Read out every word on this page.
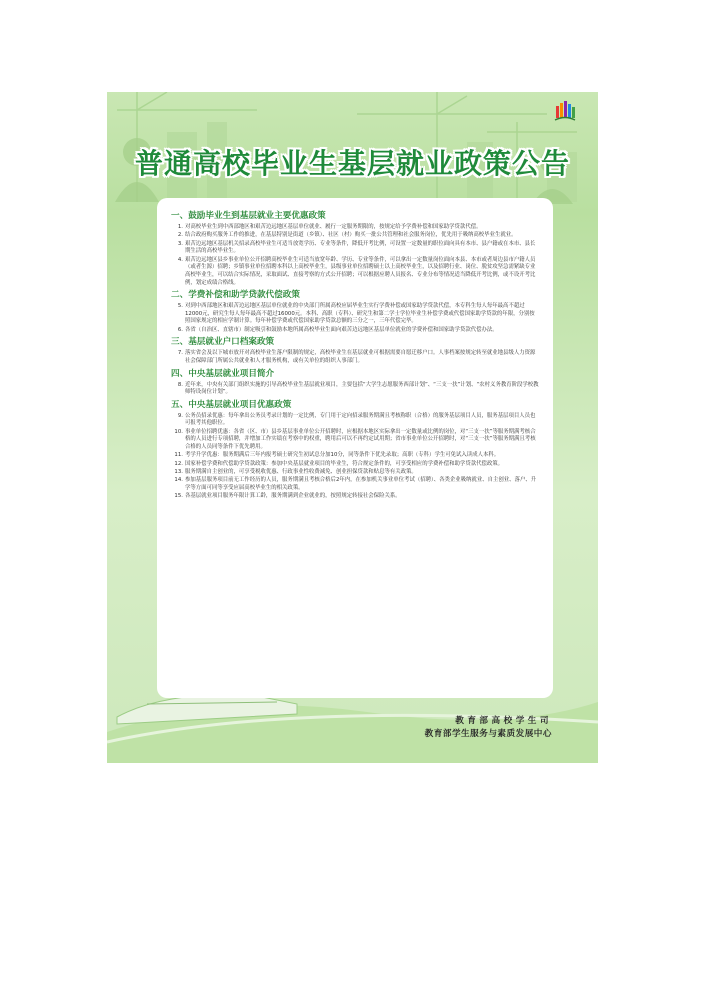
普通高校毕业生基层就业政策公告
一、鼓励毕业生到基层就业主要优惠政策
1. 对高校毕业生到中西部地区和艰苦边远地区基层单位就业、履行一定服务期限的，按规定给予学费补偿和国家助学贷款代偿。
2. 结合政府购买服务工作的推进，在基层特别是街道（乡镇）、社区（村）购买一批公共管理和社会服务岗位，优先用于吸纳高校毕业生就业。
3. 艰苦边远地区基层机关招录高校毕业生可适当放宽学历、专业等条件，降低开考比例，可设置一定数量的职位面向具有本市、县户籍或在本市、县长期生活的高校毕业生。
4. 艰苦边远地区县乡事业单位公开招聘高校毕业生可适当放宽年龄、学历、专业等条件，可以拿出一定数量岗位面向本县、本市或者周边县市户籍人员（或者生源）招聘；乡镇事业单位招聘本科以上高校毕业生，县级事业单位招聘硕士以上高校毕业生，以及招聘行业、岗位、脱贫攻坚急需紧缺专业高校毕业生，可以结合实际情况，采取面试、直接考察的方式公开招聘；可以根据应聘人员报名、专业分布等情况适当降低开考比例，或不设开考比例，划定成绩合格线。
二、学费补偿和助学贷款代偿政策
5. 对到中西部地区和艰苦边远地区基层单位就业的中央部门所属高校应届毕业生实行学费补偿或国家助学贷款代偿，本专科生每人每年最高不超过12000元，研究生每人每年最高不超过16000元。本科、高职（专科）、研究生和第二学士学位毕业生补偿学费或代偿国家助学贷款的年限，分别按照国家规定的相应学制计算。每年补偿学费或代偿国家助学贷款总额的三分之一，三年代偿完毕。
6. 各省（自治区、直辖市）制定吸引和鼓励本地所属高校毕业生面向艰苦边远地区基层单位就业的学费补偿和国家助学贷款代偿办法。
三、基层就业户口档案政策
7. 落实省会及以下城市放开对高校毕业生落户限制的规定，高校毕业生在基层就业可根据需要自愿迁移户口。人事档案按规定转至就业地县级人力资源社会保障部门所属公共就业和人才服务机构，或有关单位的组织人事部门。
四、中央基层就业项目简介
8. 近年来，中央有关部门组织实施的引导高校毕业生基层就业项目，主要包括“大学生志愿服务西部计划”、“三支一扶”计划、“农村义务教育阶段学校教师特设岗位计划”。
五、中央基层就业项目优惠政策
9. 公务员招录优惠：每年拿出公务员考录计划的一定比例，专门用于定向招录服务期满且考核称职（合格）的服务基层项目人员，服务基层项目人员也可报考其他职位。
10. 事业单位招聘优惠：各省（区、市）县乡基层事业单位公开招聘时，应根据本地区实际拿出一定数量或比例的岗位，对“三支一扶”等服务期满考核合格的人员进行专项招聘，并增加工作实绩在考察中的权重，聘用后可以不再约定试用期；省市事业单位公开招聘时，对“三支一扶”等服务期满且考核合格的人员同等条件下优先聘用。
11. 考学升学优惠：服务期满后三年内报考硕士研究生初试总分加10分，同等条件下优先录取；高职（专科）学生可免试入读成人本科。
12. 国家补偿学费和代偿助学贷款政策：参加中央基层就业项目的毕业生，符合规定条件的，可享受相应的学费补偿和助学贷款代偿政策。
13. 服务期满自主创业的，可享受税收优惠、行政事业性收费减免、创业担保贷款和贴息等有关政策。
14. 参加基层服务项目前无工作经历的人员，服务期满且考核合格后2年内，在参加机关事业单位考试（招聘）、各类企业吸纳就业、自主创业、落户、升学等方面可同等享受应届高校毕业生的相关政策。
15. 各基层就业项目服务年限计算工龄，服务期满到企业就业的，按照规定转接社会保险关系。
教育部高校学生司
教育部学生服务与素质发展中心
